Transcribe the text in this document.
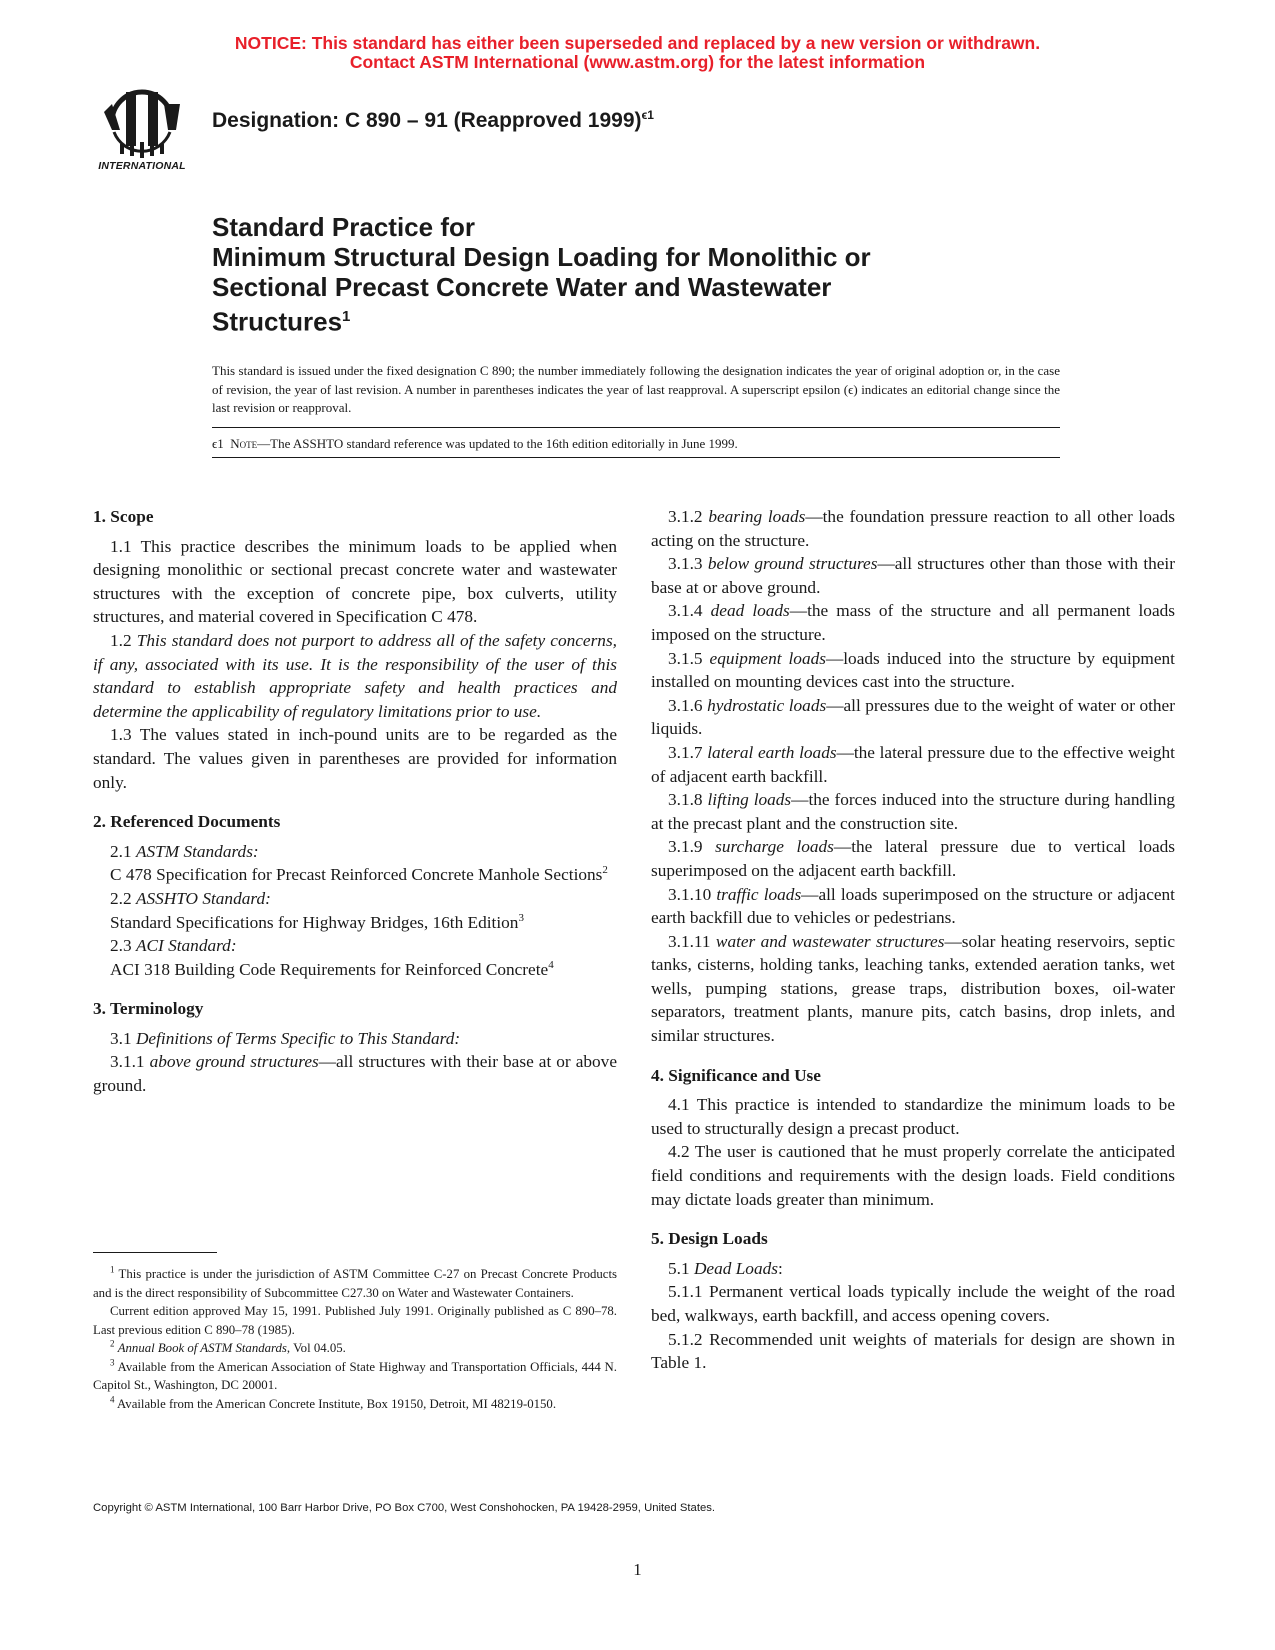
NOTICE: This standard has either been superseded and replaced by a new version or withdrawn.
Contact ASTM International (www.astm.org) for the latest information
INTERNATIONAL
Designation: C 890 – 91 (Reapproved 1999)$^{\epsilon 1}$
Standard Practice for
Minimum Structural Design Loading for Monolithic or
Sectional Precast Concrete Water and Wastewater
Structures$^1$
This standard is issued under the fixed designation C 890; the number immediately following the designation indicates the year of original adoption or, in the case of revision, the year of last revision. A number in parentheses indicates the year of last reapproval. A superscript epsilon (ϵ) indicates an editorial change since the last revision or reapproval.
ϵ1 Note—The ASSHTO standard reference was updated to the 16th edition editorially in June 1999.
1. Scope

1.1 This practice describes the minimum loads to be applied when designing monolithic or sectional precast concrete water and wastewater structures with the exception of concrete pipe, box culverts, utility structures, and material covered in Specification C 478.

1.2 This standard does not purport to address all of the safety concerns, if any, associated with its use. It is the responsibility of the user of this standard to establish appropriate safety and health practices and determine the applicability of regulatory limitations prior to use.

1.3 The values stated in inch-pound units are to be regarded as the standard. The values given in parentheses are provided for information only.

2. Referenced Documents

2.1 ASTM Standards:

C 478 Specification for Precast Reinforced Concrete Manhole Sections$^2$

2.2 ASSHTO Standard:

Standard Specifications for Highway Bridges, 16th Edition$^3$

2.3 ACI Standard:

ACI 318 Building Code Requirements for Reinforced Concrete$^4$

3. Terminology

3.1 Definitions of Terms Specific to This Standard:

3.1.1 above ground structures—all structures with their base at or above ground.

$^1$ This practice is under the jurisdiction of ASTM Committee C-27 on Precast Concrete Products and is the direct responsibility of Subcommittee C27.30 on Water and Wastewater Containers.

Current edition approved May 15, 1991. Published July 1991. Originally published as C 890–78. Last previous edition C 890–78 (1985).

$^2$ Annual Book of ASTM Standards, Vol 04.05.

$^3$ Available from the American Association of State Highway and Transportation Officials, 444 N. Capitol St., Washington, DC 20001.

$^4$ Available from the American Concrete Institute, Box 19150, Detroit, MI 48219-0150.

3.1.2 bearing loads—the foundation pressure reaction to all other loads acting on the structure.

3.1.3 below ground structures—all structures other than those with their base at or above ground.

3.1.4 dead loads—the mass of the structure and all permanent loads imposed on the structure.

3.1.5 equipment loads—loads induced into the structure by equipment installed on mounting devices cast into the structure.

3.1.6 hydrostatic loads—all pressures due to the weight of water or other liquids.

3.1.7 lateral earth loads—the lateral pressure due to the effective weight of adjacent earth backfill.

3.1.8 lifting loads—the forces induced into the structure during handling at the precast plant and the construction site.

3.1.9 surcharge loads—the lateral pressure due to vertical loads superimposed on the adjacent earth backfill.

3.1.10 traffic loads—all loads superimposed on the structure or adjacent earth backfill due to vehicles or pedestrians.

3.1.11 water and wastewater structures—solar heating reservoirs, septic tanks, cisterns, holding tanks, leaching tanks, extended aeration tanks, wet wells, pumping stations, grease traps, distribution boxes, oil-water separators, treatment plants, manure pits, catch basins, drop inlets, and similar structures.

4. Significance and Use

4.1 This practice is intended to standardize the minimum loads to be used to structurally design a precast product.

4.2 The user is cautioned that he must properly correlate the anticipated field conditions and requirements with the design loads. Field conditions may dictate loads greater than minimum.

5. Design Loads

5.1 Dead Loads:

5.1.1 Permanent vertical loads typically include the weight of the road bed, walkways, earth backfill, and access opening covers.

5.1.2 Recommended unit weights of materials for design are shown in Table 1.

Copyright © ASTM International, 100 Barr Harbor Drive, PO Box C700, West Conshohocken, PA 19428-2959, United States.
1
